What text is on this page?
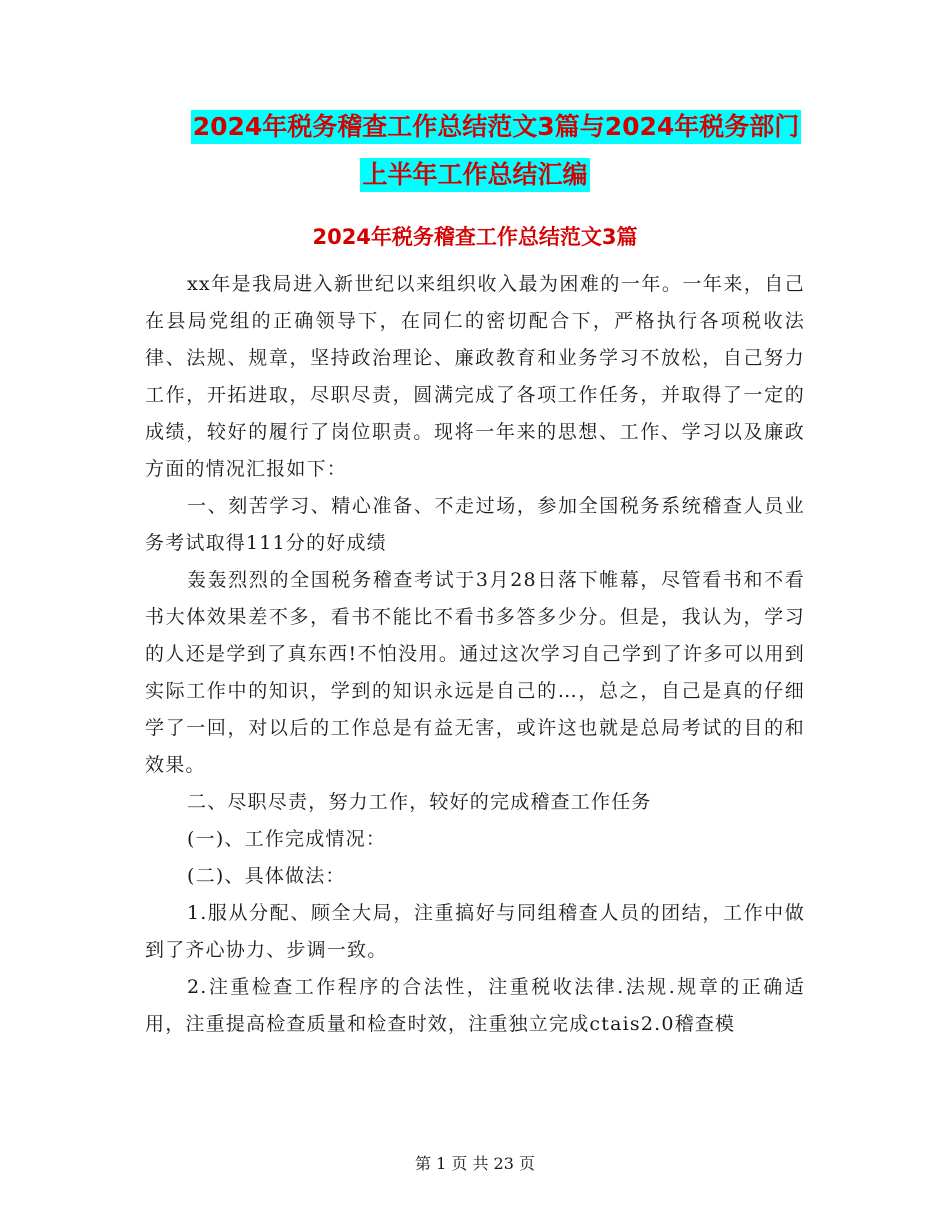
2024年税务稽查工作总结范文3篇与2024年税务部门
上半年工作总结汇编
2024年税务稽查工作总结范文3篇

xx年是我局进入新世纪以来组织收入最为困难的一年。一年来，自己在县局党组的正确领导下，在同仁的密切配合下，严格执行各项税收法律、法规、规章，坚持政治理论、廉政教育和业务学习不放松，自己努力工作，开拓进取，尽职尽责，圆满完成了各项工作任务，并取得了一定的成绩，较好的履行了岗位职责。现将一年来的思想、工作、学习以及廉政方面的情况汇报如下：

一、刻苦学习、精心准备、不走过场，参加全国税务系统稽查人员业务考试取得111分的好成绩

轰轰烈烈的全国税务稽查考试于3月28日落下帷幕，尽管看书和不看书大体效果差不多，看书不能比不看书多答多少分。但是，我认为，学习的人还是学到了真东西!不怕没用。通过这次学习自己学到了许多可以用到实际工作中的知识，学到的知识永远是自己的…，总之，自己是真的仔细学了一回，对以后的工作总是有益无害，或许这也就是总局考试的目的和效果。

二、尽职尽责，努力工作，较好的完成稽查工作任务

(一)、工作完成情况：

(二)、具体做法：

1.服从分配、顾全大局，注重搞好与同组稽查人员的团结，工作中做到了齐心协力、步调一致。

2.注重检查工作程序的合法性，注重税收法律.法规.规章的正确适用，注重提高检查质量和检查时效，注重独立完成ctais2.0稽查模

第 1 页 共 23 页
